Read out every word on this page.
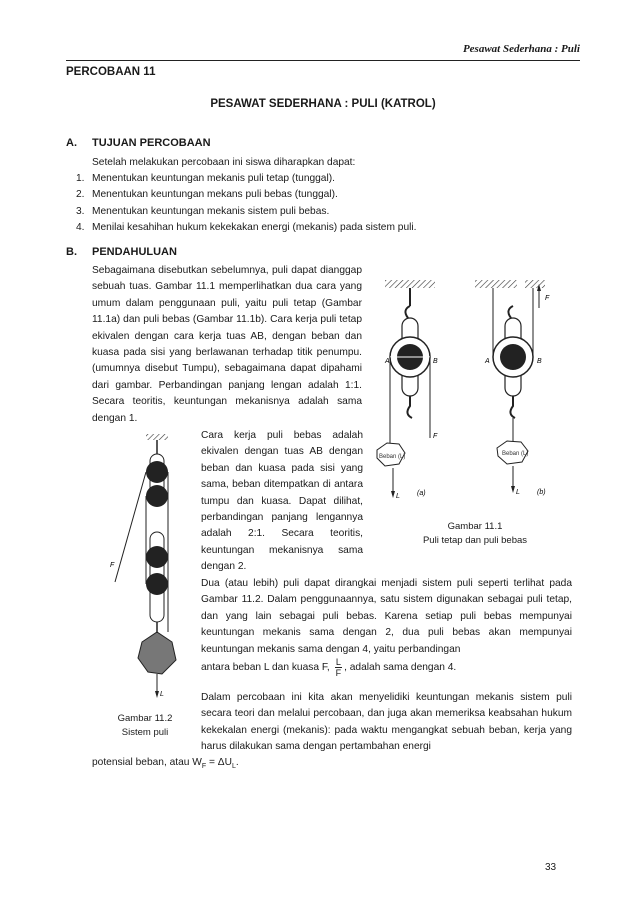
Pesawat Sederhana : Puli
PERCOBAAN 11
PESAWAT SEDERHANA : PULI (KATROL)
A. TUJUAN PERCOBAAN

Setelah melakukan percobaan ini siswa diharapkan dapat:

1. Menentukan keuntungan mekanis puli tetap (tunggal).
2. Menentukan keuntungan mekans puli bebas (tunggal).
3. Menentukan keuntungan mekanis sistem puli bebas.
4. Menilai kesahihan hukum kekekakan energi (mekanis) pada sistem puli.
B. PENDAHULUAN

Sebagaimana disebutkan sebelumnya, puli dapat dianggap sebuah tuas. Gambar 11.1 memperlihatkan dua cara yang umum dalam penggunaan puli, yaitu puli tetap (Gambar 11.1a) dan puli bebas (Gambar 11.1b). Cara kerja puli tetap ekivalen dengan cara kerja tuas AB, dengan beban dan kuasa pada sisi yang berlawanan terhadap titik penumpu.(umumnya disebut Tumpu), sebagaimana dapat dipahami dari gambar. Perbandingan panjang lengan adalah 1:1. Secara teoritis, keuntungan mekanisnya adalah sama dengan 1.

Cara kerja puli bebas adalah ekivalen dengan tuas AB dengan beban dan kuasa pada sisi yang sama, beban ditempatkan di antara tumpu dan kuasa. Dapat dilihat, perbandingan panjang lengannya adalah 2:1. Secara teoritis, keuntungan mekanisnya sama dengan 2.

Dua (atau lebih) puli dapat dirangkai menjadi sistem puli seperti terlihat pada Gambar 11.2. Dalam penggunaannya, satu sistem digunakan sebagai puli tetap, dan yang lain sebagai puli bebas. Karena setiap puli bebas mempunyai keuntungan mekanis sama dengan 2, dua puli bebas akan mempunyai keuntungan mekanis sama dengan 4, yaitu perbandingan

antara beban L dan kuasa F, $\frac{L}{F}$ , adalah sama dengan 4.

Dalam percobaan ini kita akan menyelidiki keuntungan mekanis sistem puli secara teori dan melalui percobaan, dan juga akan memeriksa keabsahan hukum kekekalan energi (mekanis): pada waktu mengangkat sebuah beban, kerja yang harus dilakukan sama dengan pertambahan energi

potensial beban, atau $W_F = \Delta U_L$.

Beban (L)
A	B
F
L (a)
Beban (L)
A	B
F
L (b)
Gambar 11.1
Puli tetap dan puli bebas
F
L
Gambar 11.2
Sistem puli
33
